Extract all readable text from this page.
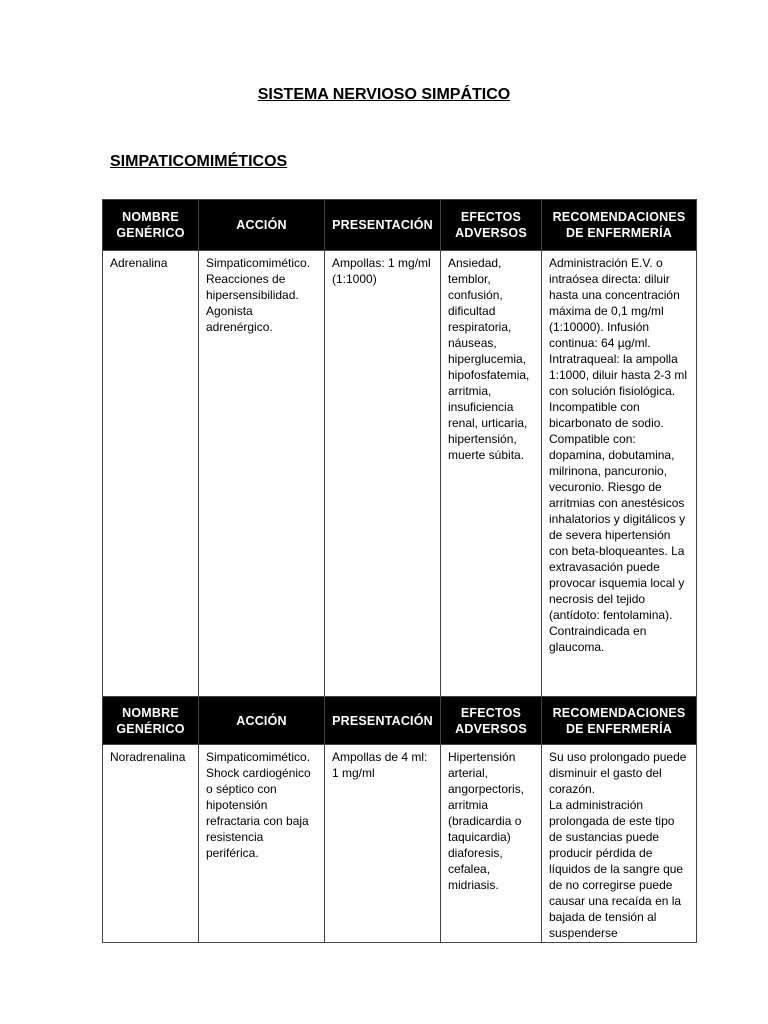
SISTEMA NERVIOSO SIMPÁTICO
SIMPATICOMIMÉTICOS
NOMBRE GENÉRICO	ACCIÓN	PRESENTACIÓN	EFECTOS ADVERSOS	RECOMENDACIONES DE ENFERMERÍA
Adrenalina	Simpaticomimético. Reacciones de hipersensibilidad. Agonista adrenérgico.	Ampollas: 1 mg/ml (1:1000)	Ansiedad, temblor, confusión, dificultad respiratoria, náuseas, hiperglucemia, hipofosfatemia, arritmia, insuficiencia renal, urticaria, hipertensión, muerte súbita.	Administración E.V. o intraósea directa: diluir hasta una concentración máxima de 0,1 mg/ml (1:10000). Infusión continua: 64 µg/ml. Intratraqueal: la ampolla 1:1000, diluir hasta 2-3 ml con solución fisiológica. Incompatible con bicarbonato de sodio. Compatible con: dopamina, dobutamina, milrinona, pancuronio, vecuronio. Riesgo de arritmias con anestésicos inhalatorios y digitálicos y de severa hipertensión con beta-bloqueantes. La extravasación puede provocar isquemia local y necrosis del tejido (antídoto: fentolamina). Contraindicada en glaucoma.
NOMBRE GENÉRICO	ACCIÓN	PRESENTACIÓN	EFECTOS ADVERSOS	RECOMENDACIONES DE ENFERMERÍA
Noradrenalina	Simpaticomimético. Shock cardiogénico o séptico con hipotensión refractaria con baja resistencia periférica.	Ampollas de 4 ml: 1 mg/ml	Hipertensión arterial, angorpectoris, arritmia (bradicardia o taquicardia) diaforesis, cefalea, midriasis.	Su uso prolongado puede disminuir el gasto del corazón.
La administración prolongada de este tipo de sustancias puede producir pérdida de líquidos de la sangre que de no corregirse puede causar una recaída en la bajada de tensión al suspenderse
